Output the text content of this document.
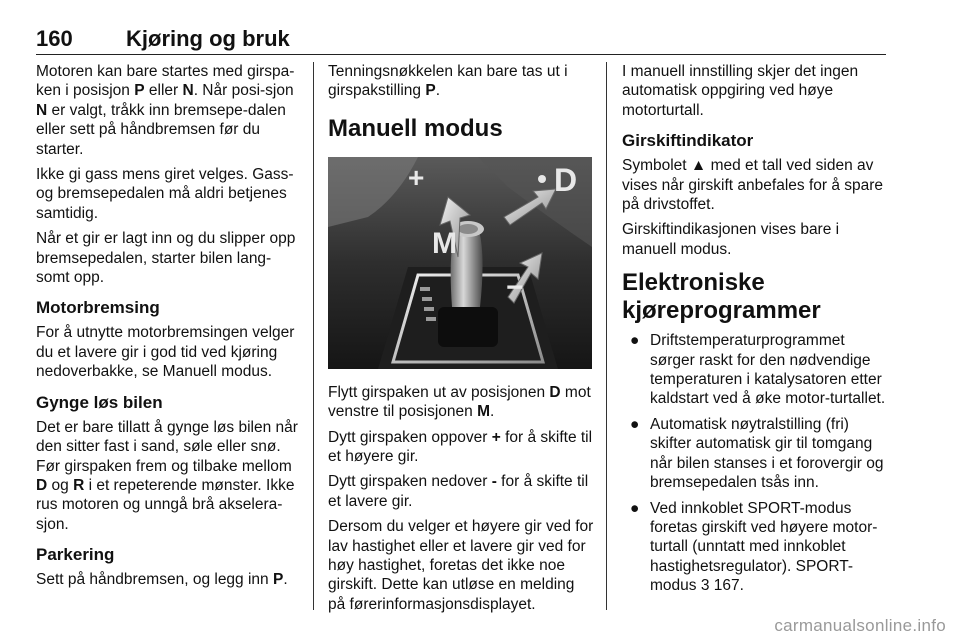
160 Kjøring og bruk

Motoren kan bare startes med girspa-ken i posisjon P eller N. Når posi-sjon N er valgt, tråkk inn bremsepe-dalen eller sett på håndbremsen før du starter.

Ikke gi gass mens giret velges. Gass- og bremsepedalen må aldri betjenes samtidig.

Når et gir er lagt inn og du slipper opp bremsepedalen, starter bilen lang-somt opp.

Motorbremsing

For å utnytte motorbremsingen velger du et lavere gir i god tid ved kjøring nedoverbakke, se Manuell modus.

Gynge løs bilen

Det er bare tillatt å gynge løs bilen når den sitter fast i sand, søle eller snø. Før girspaken frem og tilbake mellom D og R i et repeterende mønster. Ikke rus motoren og unngå brå akselera-sjon.

Parkering

Sett på håndbremsen, og legg inn P.

Tenningsnøkkelen kan bare tas ut i girspakstilling P.

Manuell modus
+	D
M
−

Flytt girspaken ut av posisjonen D mot venstre til posisjonen M.

Dytt girspaken oppover + for å skifte til et høyere gir.

Dytt girspaken nedover - for å skifte til et lavere gir.

Dersom du velger et høyere gir ved for lav hastighet eller et lavere gir ved for høy hastighet, foretas det ikke noe girskift. Dette kan utløse en melding på førerinformasjonsdisplayet.

I manuell innstilling skjer det ingen automatisk oppgiring ved høye motorturtall.

Girskiftindikator

Symbolet ▲ med et tall ved siden av vises når girskift anbefales for å spare på drivstoffet.

Girskiftindikasjonen vises bare i manuell modus.

Elektroniske kjøreprogrammer
● Driftstemperaturprogrammet sørger raskt for den nødvendige temperaturen i katalysatoren etter kaldstart ved å øke motor-turtallet.
● Automatisk nøytralstilling (fri) skifter automatisk gir til tomgang når bilen stanses i et forovergir og bremsepedalen tsås inn.
● Ved innkoblet SPORT-modus foretas girskift ved høyere motor-turtall (unntatt med innkoblet hastighetsregulator). SPORT-modus 3 167.
carmanualsonline.info
